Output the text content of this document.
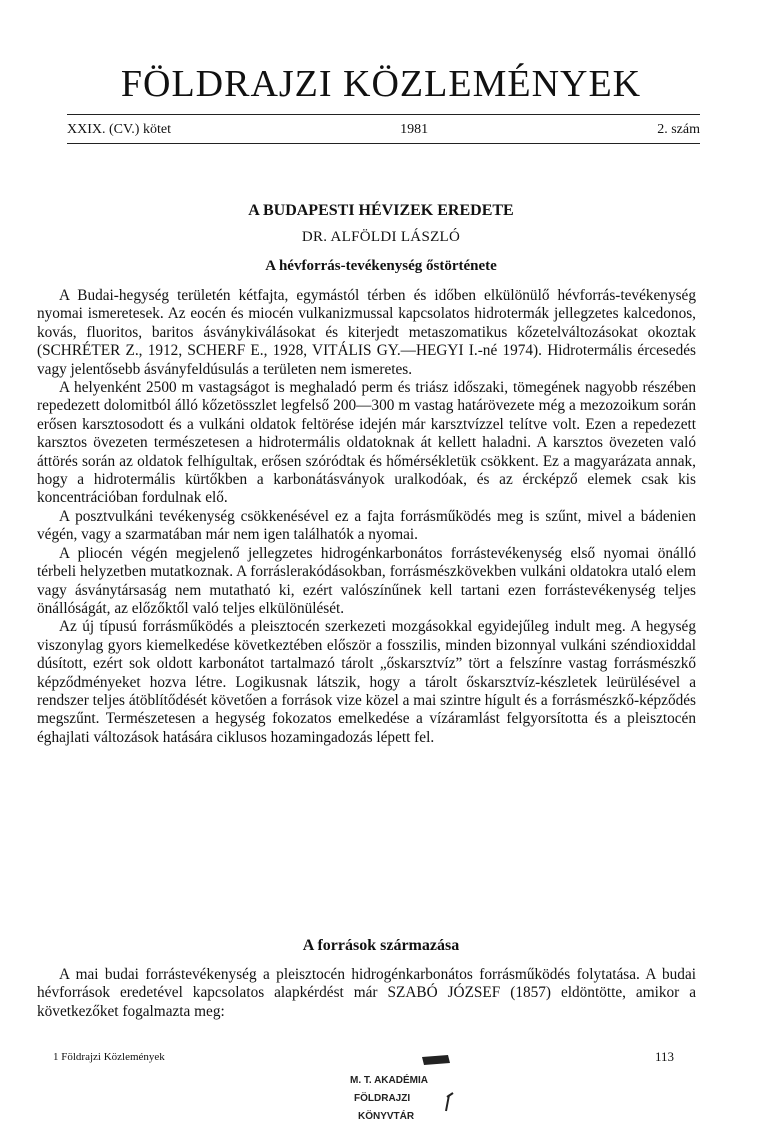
FÖLDRAJZI KÖZLEMÉNYEK
XXIX. (CV.) kötet	1981	2. szám
A BUDAPESTI HÉVIZEK EREDETE
DR. ALFÖLDI LÁSZLÓ
A hévforrás-tevékenység őstörténete

A Budai-hegység területén kétfajta, egymástól térben és időben elkülönülő hévforrás-tevékenység nyomai ismeretesek. Az eocén és miocén vulkanizmussal kapcsolatos hidrotermák jellegzetes kalcedonos, kovás, fluoritos, baritos ásványkiválásokat és kiterjedt metaszomatikus kőzetelváltozásokat okoztak (SCHRÉTER Z., 1912, SCHERF E., 1928, VITÁLIS GY.—HEGYI I.-né 1974). Hidrotermális ércesedés vagy jelentősebb ásványfeldúsulás a területen nem ismeretes.

A helyenként 2500 m vastagságot is meghaladó perm és triász időszaki, tömegének nagyobb részében repedezett dolomitból álló kőzetösszlet legfelső 200—300 m vastag határövezete még a mezozoikum során erősen karsztosodott és a vulkáni oldatok feltörése idején már karsztvízzel telítve volt. Ezen a repedezett karsztos övezeten természetesen a hidrotermális oldatoknak át kellett haladni. A karsztos övezeten való áttörés során az oldatok felhígultak, erősen szóródtak és hőmérsékletük csökkent. Ez a magyarázata annak, hogy a hidrotermális kürtőkben a karbonátásványok uralkodóak, és az ércképző elemek csak kis koncentrációban fordulnak elő.

A posztvulkáni tevékenység csökkenésével ez a fajta forrásműködés meg is szűnt, mivel a bádenien végén, vagy a szarmatában már nem igen találhatók a nyomai.

A pliocén végén megjelenő jellegzetes hidrogénkarbonátos forrástevékenység első nyomai önálló térbeli helyzetben mutatkoznak. A forráslerakódásokban, forrásmészkövekben vulkáni oldatokra utaló elem vagy ásványtársaság nem mutatható ki, ezért valószínűnek kell tartani ezen forrástevékenység teljes önállóságát, az előzőktől való teljes elkülönülését.

Az új típusú forrásműködés a pleisztocén szerkezeti mozgásokkal egyidejűleg indult meg. A hegység viszonylag gyors kiemelkedése következtében először a fosszilis, minden bizonnyal vulkáni széndioxiddal dúsított, ezért sok oldott karbonátot tartalmazó tárolt „őskarsztvíz” tört a felszínre vastag forrásmészkő képződményeket hozva létre. Logikusnak látszik, hogy a tárolt őskarsztvíz-készletek leürülésével a rendszer teljes átöblítődését követően a források vize közel a mai szintre hígult és a forrásmészkő-képződés megszűnt. Természetesen a hegység fokozatos emelkedése a vízáramlást felgyorsította és a pleisztocén éghajlati változások hatására ciklusos hozamingadozás lépett fel.

A források származása

A mai budai forrástevékenység a pleisztocén hidrogénkarbonátos forrásműködés folytatása. A budai hévforrások eredetével kapcsolatos alapkérdést már SZABÓ JÓZSEF (1857) eldöntötte, amikor a következőket fogalmazta meg:

1 Földrajzi Közlemények	113
M. T. AKADÉMIA
FÖLDRAJZI
KÖNYVTÁR
